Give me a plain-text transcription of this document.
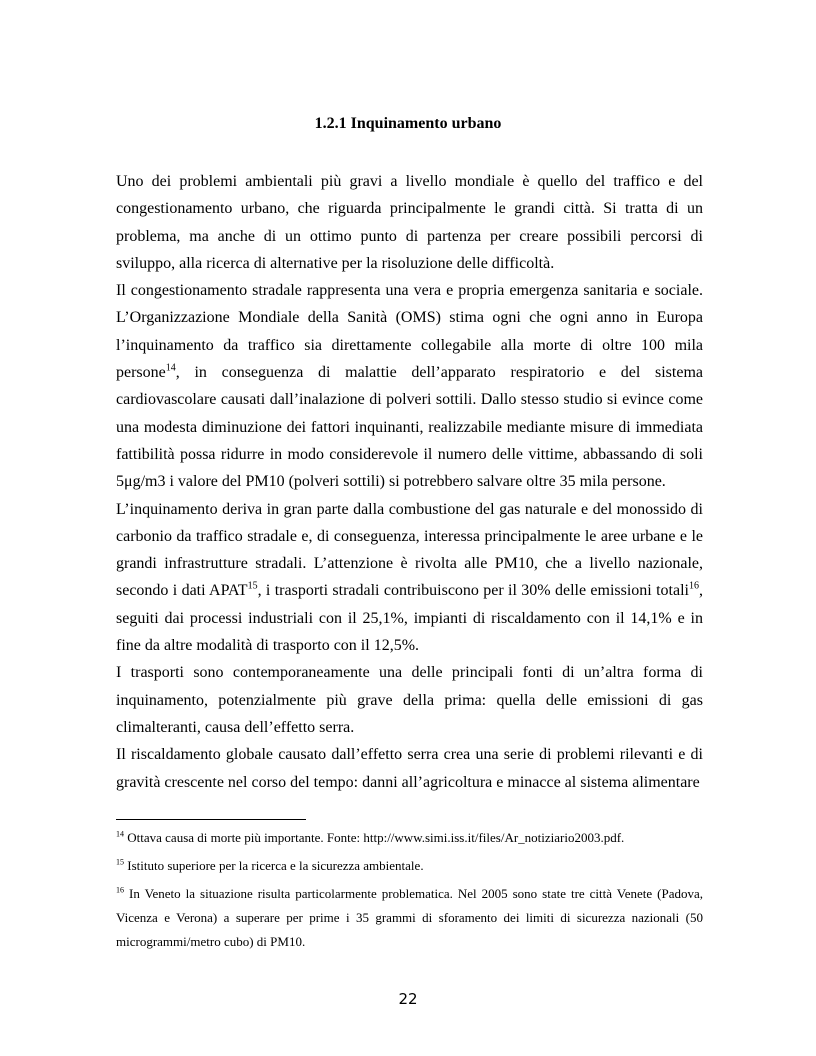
1.2.1 Inquinamento urbano

Uno dei problemi ambientali più gravi a livello mondiale è quello del traffico e del congestionamento urbano, che riguarda principalmente le grandi città. Si tratta di un problema, ma anche di un ottimo punto di partenza per creare possibili percorsi di sviluppo, alla ricerca di alternative per la risoluzione delle difficoltà.

Il congestionamento stradale rappresenta una vera e propria emergenza sanitaria e sociale. L’Organizzazione Mondiale della Sanità (OMS) stima ogni che ogni anno in Europa l’inquinamento da traffico sia direttamente collegabile alla morte di oltre 100 mila persone$^{14}$, in conseguenza di malattie dell’apparato respiratorio e del sistema cardiovascolare causati dall’inalazione di polveri sottili. Dallo stesso studio si evince come una modesta diminuzione dei fattori inquinanti, realizzabile mediante misure di immediata fattibilità possa ridurre in modo considerevole il numero delle vittime, abbassando di soli 5μg/m3 i valore del PM10 (polveri sottili) si potrebbero salvare oltre 35 mila persone.

L’inquinamento deriva in gran parte dalla combustione del gas naturale e del monossido di carbonio da traffico stradale e, di conseguenza, interessa principalmente le aree urbane e le grandi infrastrutture stradali. L’attenzione è rivolta alle PM10, che a livello nazionale, secondo i dati APAT$^{15}$, i trasporti stradali contribuiscono per il 30% delle emissioni totali$^{16}$, seguiti dai processi industriali con il 25,1%, impianti di riscaldamento con il 14,1% e in fine da altre modalità di trasporto con il 12,5%.

I trasporti sono contemporaneamente una delle principali fonti di un’altra forma di inquinamento, potenzialmente più grave della prima: quella delle emissioni di gas climalteranti, causa dell’effetto serra.

Il riscaldamento globale causato dall’effetto serra crea una serie di problemi rilevanti e di gravità crescente nel corso del tempo: danni all’agricoltura e minacce al sistema alimentare

$^{14}$ Ottava causa di morte più importante. Fonte: http://www.simi.iss.it/files/Ar_notiziario2003.pdf.

$^{15}$ Istituto superiore per la ricerca e la sicurezza ambientale.

$^{16}$ In Veneto la situazione risulta particolarmente problematica. Nel 2005 sono state tre città Venete (Padova, Vicenza e Verona) a superare per prime i 35 grammi di sforamento dei limiti di sicurezza nazionali (50 microgrammi/metro cubo) di PM10.

22
